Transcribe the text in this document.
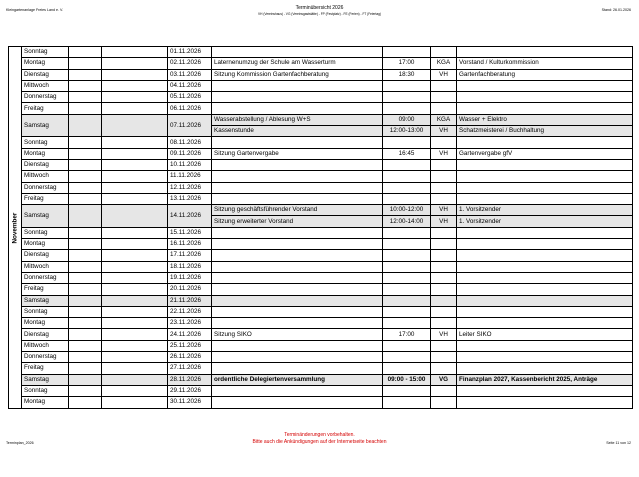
Kleingartenanlage Freies Land e. V.	Terminübersicht 2026
VH (Vereinshaus) - VG (Vereinsgaststätte) - FP (Festplatz) - FE (Ferien) - FT (Feiertag)
Stand: 26.01.2026
November	Sonntag			01.11.2026				
	Montag			02.11.2026	Laternenumzug der Schule am Wasserturm	17:00	KGA	Vorstand / Kulturkommission
	Dienstag			03.11.2026	Sitzung Kommission Gartenfachberatung	18:30	VH	Gartenfachberatung
	Mittwoch			04.11.2026				
	Donnerstag			05.11.2026				
	Freitag			06.11.2026				
	Samstag			07.11.2026	Wasserabstellung / Ablesung W+S	09:00	KGA	Wasser + Elektro
					Kassenstunde	12:00-13:00	VH	Schatzmeisterei / Buchhaltung
	Sonntag			08.11.2026				
	Montag			09.11.2026	Sitzung Gartenvergabe	16:45	VH	Gartenvergabe gfV
	Dienstag			10.11.2026				
	Mittwoch			11.11.2026				
	Donnerstag			12.11.2026				
	Freitag			13.11.2026				
	Samstag			14.11.2026	Sitzung geschäftsführender Vorstand	10:00-12:00	VH	1. Vorsitzender
					Sitzung erweiterter Vorstand	12:00-14:00	VH	1. Vorsitzender
	Sonntag			15.11.2026				
	Montag			16.11.2026				
	Dienstag			17.11.2026				
	Mittwoch			18.11.2026				
	Donnerstag			19.11.2026				
	Freitag			20.11.2026				
	Samstag			21.11.2026				
	Sonntag			22.11.2026				
	Montag			23.11.2026				
	Dienstag			24.11.2026	Sitzung SIKO	17:00	VH	Leiter SIKO
	Mittwoch			25.11.2026				
	Donnerstag			26.11.2026				
	Freitag			27.11.2026				
	Samstag			28.11.2026	ordentliche Delegiertenversammlung	09:00 - 15:00	VG	Finanzplan 2027, Kassenbericht 2025, Anträge
	Sonntag			29.11.2026				
	Montag			30.11.2026				
Terminplan_2026
Terminänderungen vorbehalten.
Bitte auch die Ankündigungen auf der Internetseite beachten	Seite 11 von 12
